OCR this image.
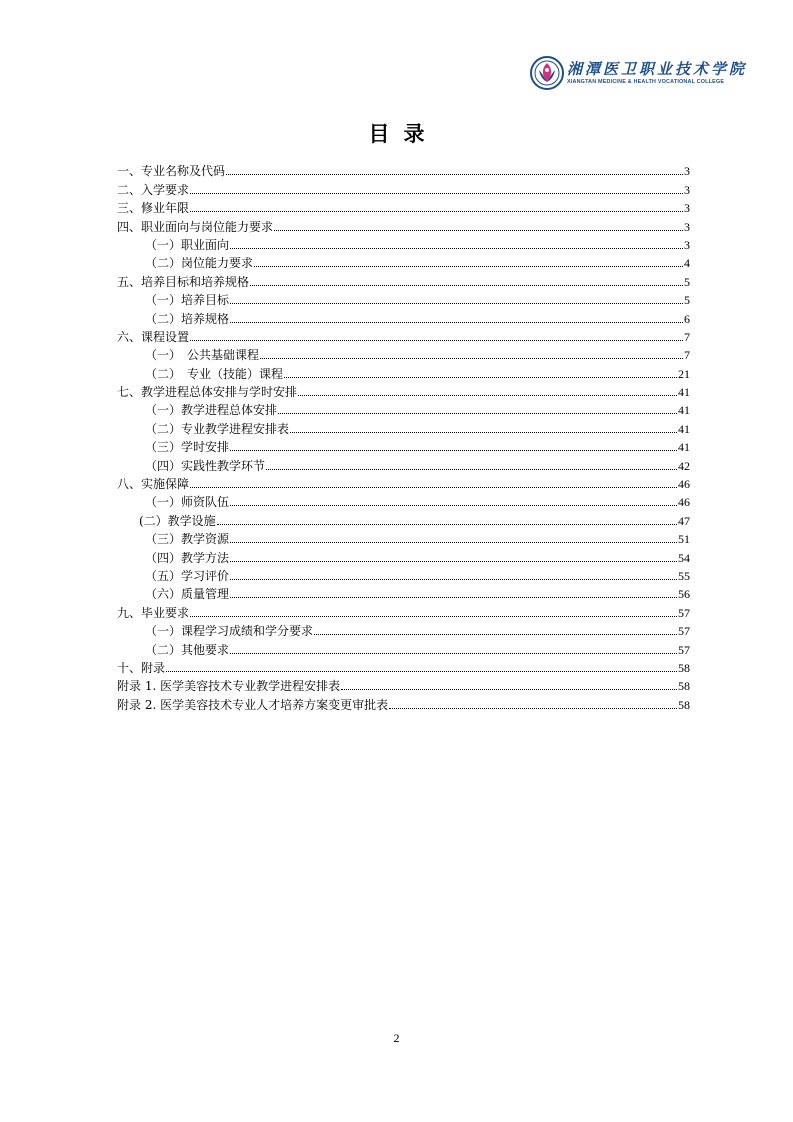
湘潭医卫职业技术学院
XIANGTAN MEDICINE & HEALTH VOCATIONAL COLLEGE
目录
一、专业名称及代码	3
二、入学要求	3
三、修业年限	3
四、职业面向与岗位能力要求	3
（一）职业面向	3
（二）岗位能力要求	4
五、培养目标和培养规格	5
（一）培养目标	5
（二）培养规格	6
六、课程设置	7
（一）　公共基础课程	7
（二）　专业（技能）课程	21
七、教学进程总体安排与学时安排	41
（一）教学进程总体安排	41
（二）专业教学进程安排表	41
（三）学时安排	41
（四）实践性教学环节	42
八、实施保障	46
（一）师资队伍	46
(二）教学设施	47
（三）教学资源	51
（四）教学方法	54
（五）学习评价	55
（六）质量管理	56
九、毕业要求	57
（一）课程学习成绩和学分要求	57
（二）其他要求	57
十、附录	58
附录 1. 医学美容技术专业教学进程安排表	58
附录 2. 医学美容技术专业人才培养方案变更审批表	58
2
